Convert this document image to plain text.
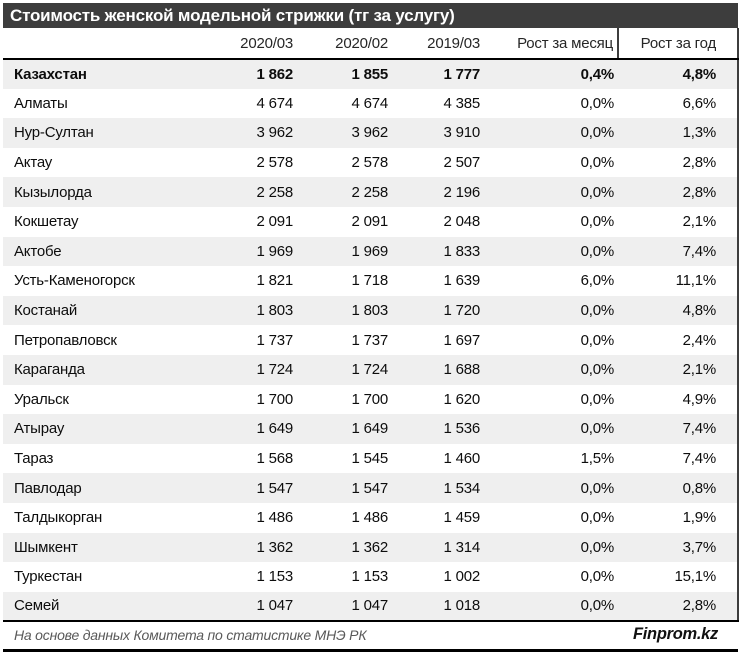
Стоимость женской модельной стрижки (тг за услугу)
	2020/03	2020/02	2019/03	Рост за месяц	Рост за год
Казахстан	1 862	1 855	1 777	0,4%	4,8%
Алматы	4 674	4 674	4 385	0,0%	6,6%
Нур-Султан	3 962	3 962	3 910	0,0%	1,3%
Актау	2 578	2 578	2 507	0,0%	2,8%
Кызылорда	2 258	2 258	2 196	0,0%	2,8%
Кокшетау	2 091	2 091	2 048	0,0%	2,1%
Актобе	1 969	1 969	1 833	0,0%	7,4%
Усть-Каменогорск	1 821	1 718	1 639	6,0%	11,1%
Костанай	1 803	1 803	1 720	0,0%	4,8%
Петропавловск	1 737	1 737	1 697	0,0%	2,4%
Караганда	1 724	1 724	1 688	0,0%	2,1%
Уральск	1 700	1 700	1 620	0,0%	4,9%
Атырау	1 649	1 649	1 536	0,0%	7,4%
Тараз	1 568	1 545	1 460	1,5%	7,4%
Павлодар	1 547	1 547	1 534	0,0%	0,8%
Талдыкорган	1 486	1 486	1 459	0,0%	1,9%
Шымкент	1 362	1 362	1 314	0,0%	3,7%
Туркестан	1 153	1 153	1 002	0,0%	15,1%
Семей	1 047	1 047	1 018	0,0%	2,8%
На основе данных Комитета по статистике МНЭ РК	Finprom.kz
